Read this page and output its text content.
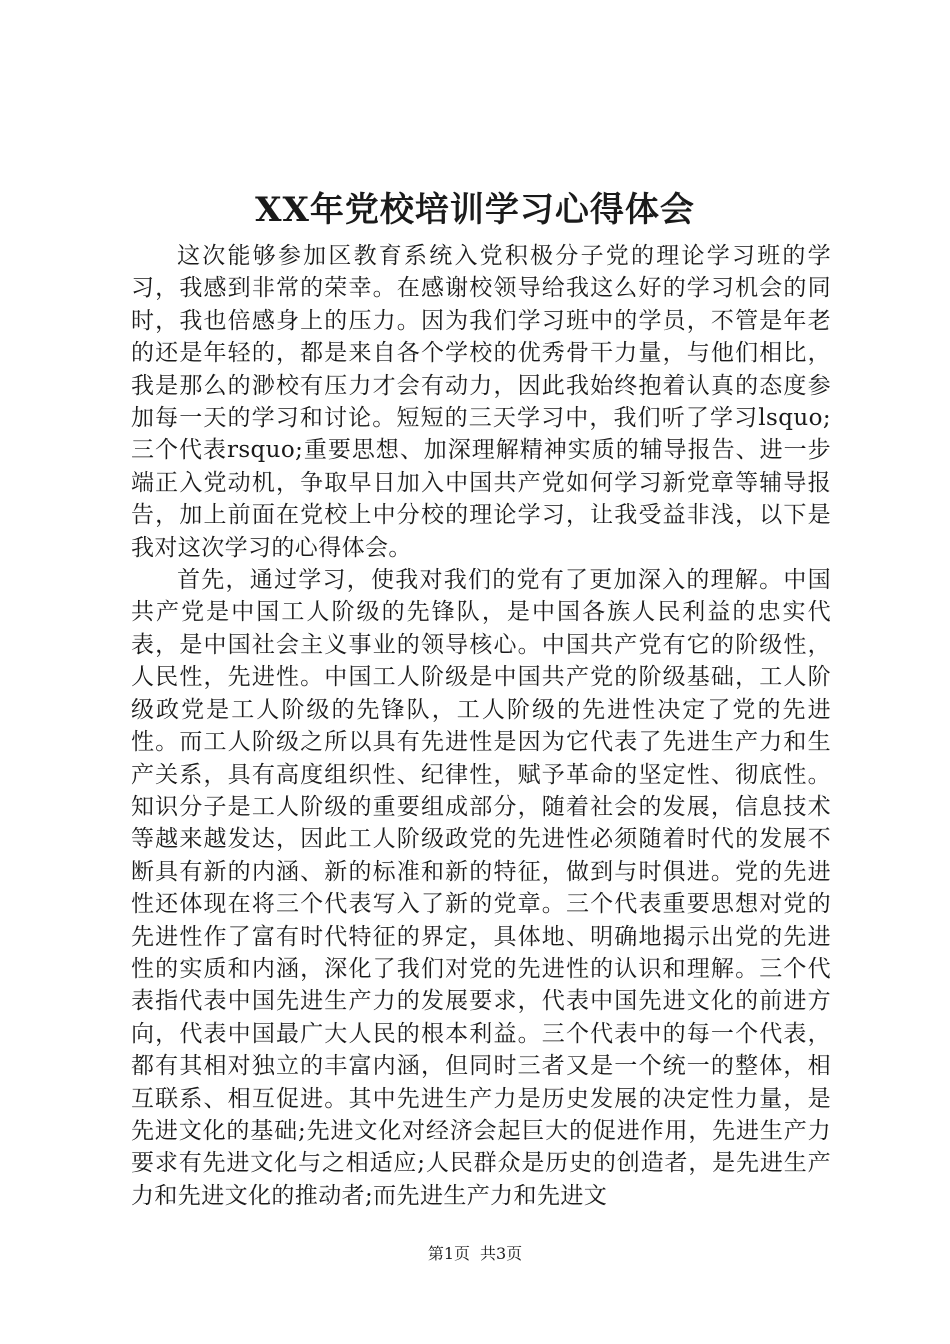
XX年党校培训学习心得体会

这次能够参加区教育系统入党积极分子党的理论学习班的学习，我感到非常的荣幸。在感谢校领导给我这么好的学习机会的同时，我也倍感身上的压力。因为我们学习班中的学员，不管是年老的还是年轻的，都是来自各个学校的优秀骨干力量，与他们相比，我是那么的渺校有压力才会有动力，因此我始终抱着认真的态度参加每一天的学习和讨论。短短的三天学习中，我们听了学习lsquo;三个代表rsquo;重要思想、加深理解精神实质的辅导报告、进一步端正入党动机，争取早日加入中国共产党如何学习新党章等辅导报告，加上前面在党校上中分校的理论学习，让我受益非浅，以下是我对这次学习的心得体会。

首先，通过学习，使我对我们的党有了更加深入的理解。中国共产党是中国工人阶级的先锋队，是中国各族人民利益的忠实代表，是中国社会主义事业的领导核心。中国共产党有它的阶级性，人民性，先进性。中国工人阶级是中国共产党的阶级基础，工人阶级政党是工人阶级的先锋队，工人阶级的先进性决定了党的先进性。而工人阶级之所以具有先进性是因为它代表了先进生产力和生产关系，具有高度组织性、纪律性，赋予革命的坚定性、彻底性。知识分子是工人阶级的重要组成部分，随着社会的发展，信息技术等越来越发达，因此工人阶级政党的先进性必须随着时代的发展不断具有新的内涵、新的标准和新的特征，做到与时俱进。党的先进性还体现在将三个代表写入了新的党章。三个代表重要思想对党的先进性作了富有时代特征的界定，具体地、明确地揭示出党的先进性的实质和内涵，深化了我们对党的先进性的认识和理解。三个代表指代表中国先进生产力的发展要求，代表中国先进文化的前进方向，代表中国最广大人民的根本利益。三个代表中的每一个代表，都有其相对独立的丰富内涵，但同时三者又是一个统一的整体，相互联系、相互促进。其中先进生产力是历史发展的决定性力量，是先进文化的基础;先进文化对经济会起巨大的促进作用，先进生产力要求有先进文化与之相适应;人民群众是历史的创造者，是先进生产力和先进文化的推动者;而先进生产力和先进文

第1页 共3页
